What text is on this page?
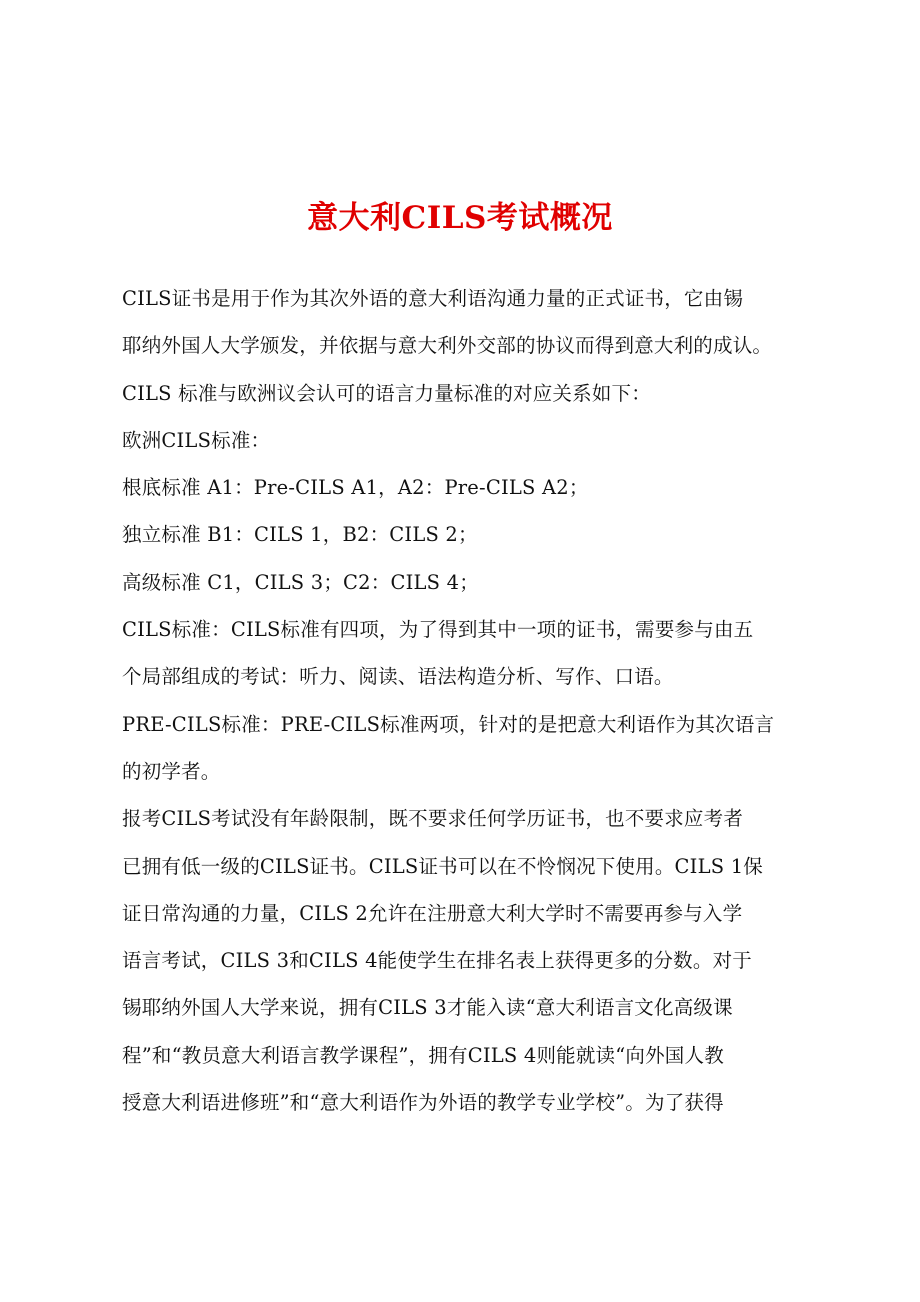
意大利CILS考试概况
CILS证书是用于作为其次外语的意大利语沟通力量的正式证书，它由锡
耶纳外国人大学颁发，并依据与意大利外交部的协议而得到意大利的成认。
CILS 标准与欧洲议会认可的语言力量标准的对应关系如下：
欧洲CILS标准：
根底标准 A1：Pre-CILS A1，A2：Pre-CILS A2；
独立标准 B1：CILS 1，B2：CILS 2；
高级标准 C1，CILS 3；C2：CILS 4；
CILS标准：CILS标准有四项，为了得到其中一项的证书，需要参与由五
个局部组成的考试：听力、阅读、语法构造分析、写作、口语。
PRE-CILS标准：PRE-CILS标准两项，针对的是把意大利语作为其次语言
的初学者。
报考CILS考试没有年龄限制，既不要求任何学历证书，也不要求应考者
已拥有低一级的CILS证书。CILS证书可以在不怜悯况下使用。CILS 1保
证日常沟通的力量，CILS 2允许在注册意大利大学时不需要再参与入学
语言考试，CILS 3和CILS 4能使学生在排名表上获得更多的分数。对于
锡耶纳外国人大学来说，拥有CILS 3才能入读“意大利语言文化高级课
程”和“教员意大利语言教学课程”，拥有CILS 4则能就读“向外国人教
授意大利语进修班”和“意大利语作为外语的教学专业学校”。为了获得
